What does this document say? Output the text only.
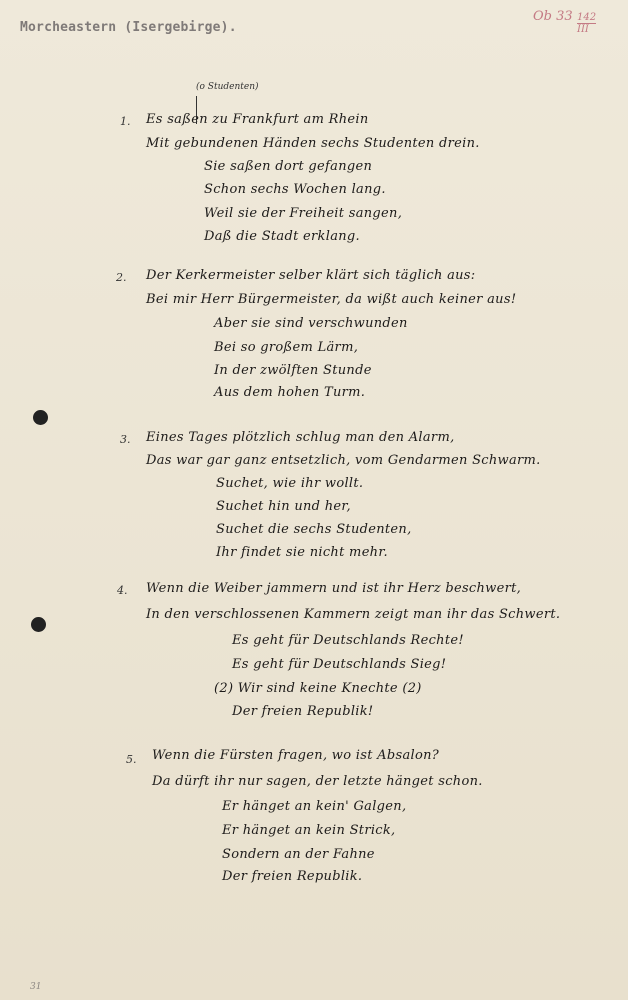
Morcheastern (Isergebirge).
Ob 33 142
III
(o Studenten)
1. Es saßen zu Frankfurt am Rhein
Mit gebundenen Händen sechs Studenten drein.
Sie saßen dort gefangen
Schon sechs Wochen lang.
Weil sie der Freiheit sangen,
Daß die Stadt erklang.
2. Der Kerkermeister selber klärt sich täglich aus:
Bei mir Herr Bürgermeister, da wißt auch keiner aus!
Aber sie sind verschwunden
Bei so großem Lärm,
In der zwölften Stunde
Aus dem hohen Turm.
3. Eines Tages plötzlich schlug man den Alarm,
Das war gar ganz entsetzlich, vom Gendarmen Schwarm.
Suchet, wie ihr wollt.
Suchet hin und her,
Suchet die sechs Studenten,
Ihr findet sie nicht mehr.
4. Wenn die Weiber jammern und ist ihr Herz beschwert,
In den verschlossenen Kammern zeigt man ihr das Schwert.
Es geht für Deutschlands Rechte!
Es geht für Deutschlands Sieg!
(2) Wir sind keine Knechte (2)
Der freien Republik!
5. Wenn die Fürsten fragen, wo ist Absalon?
Da dürft ihr nur sagen, der letzte hänget schon.
Er hänget an kein' Galgen,
Er hänget an kein Strick,
Sondern an der Fahne
Der freien Republik.
31
